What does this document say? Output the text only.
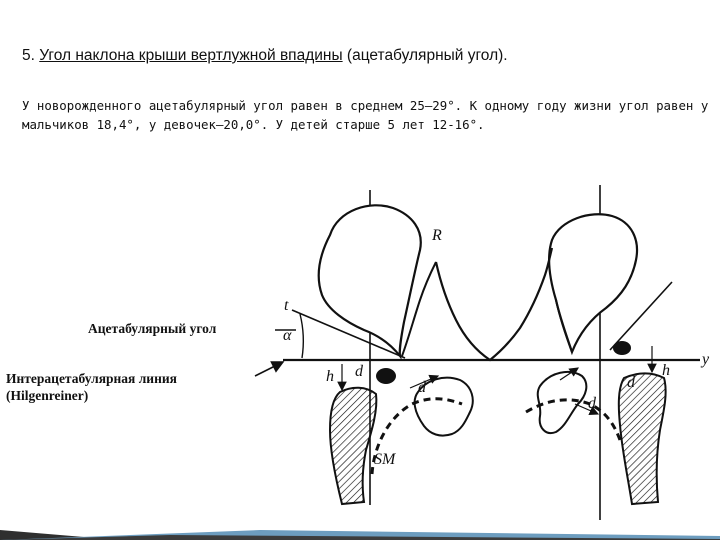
5. Угол наклона крыши вертлужной впадины (ацетабулярный угол).
У новорожденного ацетабулярный угол равен в среднем 25—29°. К одному году жизни угол равен у мальчиков 18,4°, у девочек—20,0°. У детей старше 5 лет 12-16°.
Ацетабулярный угол
Интерацетабулярная линия
(Hilgenreiner)
R
t
α
y
h	h
d
d
d
d
SM
